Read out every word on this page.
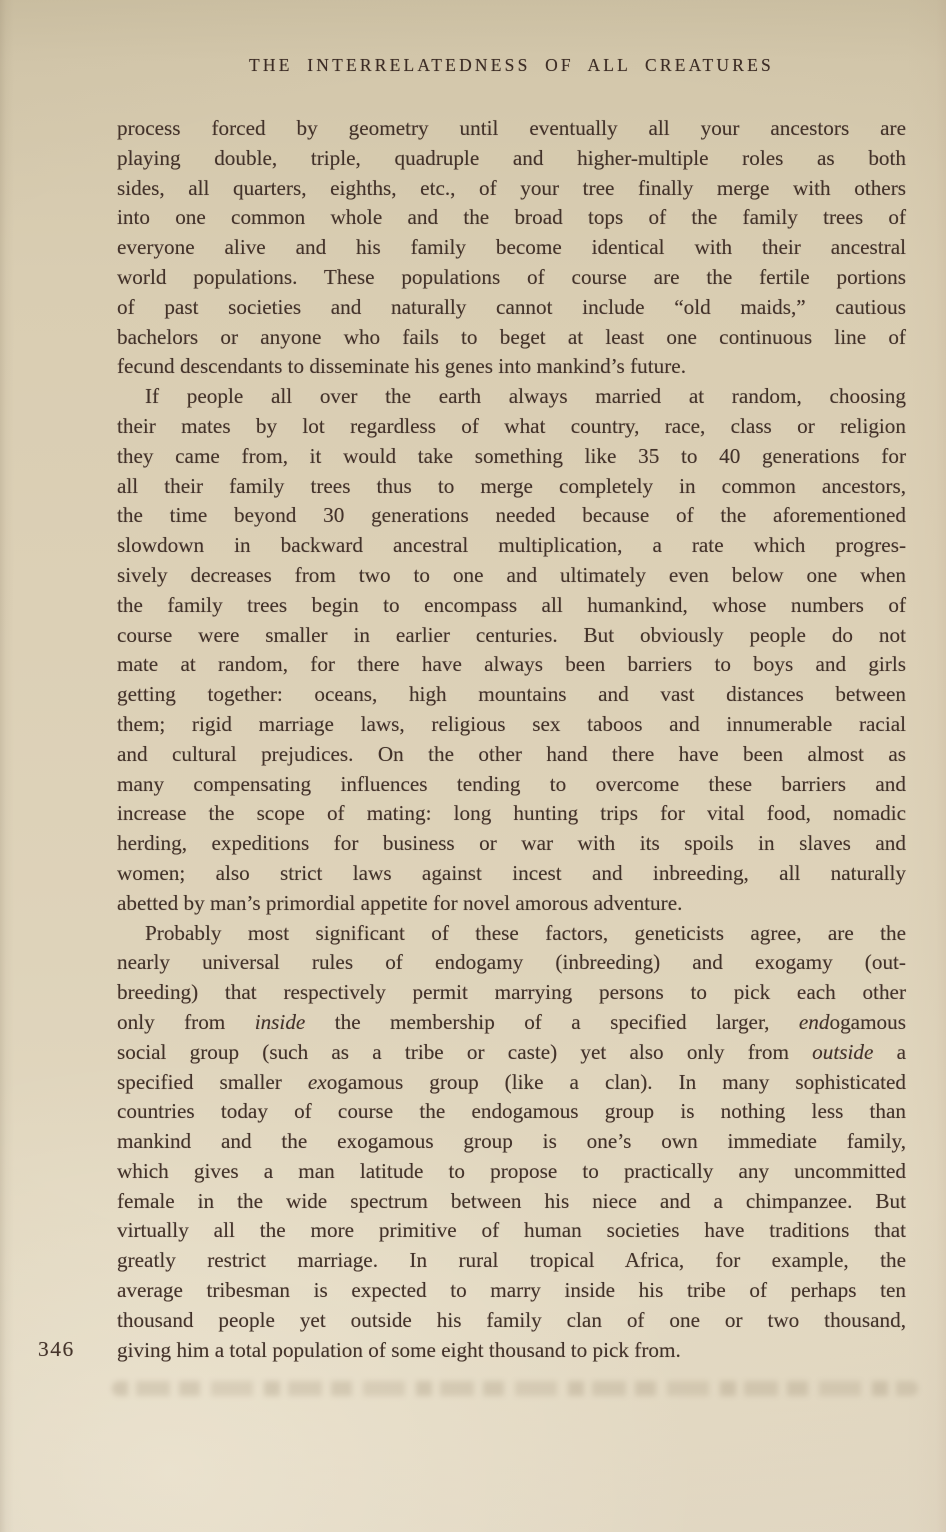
THE INTERRELATEDNESS OF ALL CREATURES
process forced by geometry until eventually all your ancestors are
playing double, triple, quadruple and higher-multiple roles as both
sides, all quarters, eighths, etc., of your tree finally merge with others
into one common whole and the broad tops of the family trees of
everyone alive and his family become identical with their ancestral
world populations. These populations of course are the fertile portions
of past societies and naturally cannot include “old maids,” cautious
bachelors or anyone who fails to beget at least one continuous line of
fecund descendants to disseminate his genes into mankind’s future.
If people all over the earth always married at random, choosing
their mates by lot regardless of what country, race, class or religion
they came from, it would take something like 35 to 40 generations for
all their family trees thus to merge completely in common ancestors,
the time beyond 30 generations needed because of the aforementioned
slowdown in backward ancestral multiplication, a rate which progres-
sively decreases from two to one and ultimately even below one when
the family trees begin to encompass all humankind, whose numbers of
course were smaller in earlier centuries. But obviously people do not
mate at random, for there have always been barriers to boys and girls
getting together: oceans, high mountains and vast distances between
them; rigid marriage laws, religious sex taboos and innumerable racial
and cultural prejudices. On the other hand there have been almost as
many compensating influences tending to overcome these barriers and
increase the scope of mating: long hunting trips for vital food, nomadic
herding, expeditions for business or war with its spoils in slaves and
women; also strict laws against incest and inbreeding, all naturally
abetted by man’s primordial appetite for novel amorous adventure.
Probably most significant of these factors, geneticists agree, are the
nearly universal rules of endogamy (inbreeding) and exogamy (out-
breeding) that respectively permit marrying persons to pick each other
only from inside the membership of a specified larger, endogamous
social group (such as a tribe or caste) yet also only from outside a
specified smaller exogamous group (like a clan). In many sophisticated
countries today of course the endogamous group is nothing less than
mankind and the exogamous group is one’s own immediate family,
which gives a man latitude to propose to practically any uncommitted
female in the wide spectrum between his niece and a chimpanzee. But
virtually all the more primitive of human societies have traditions that
greatly restrict marriage. In rural tropical Africa, for example, the
average tribesman is expected to marry inside his tribe of perhaps ten
thousand people yet outside his family clan of one or two thousand,
giving him a total population of some eight thousand to pick from.
346
